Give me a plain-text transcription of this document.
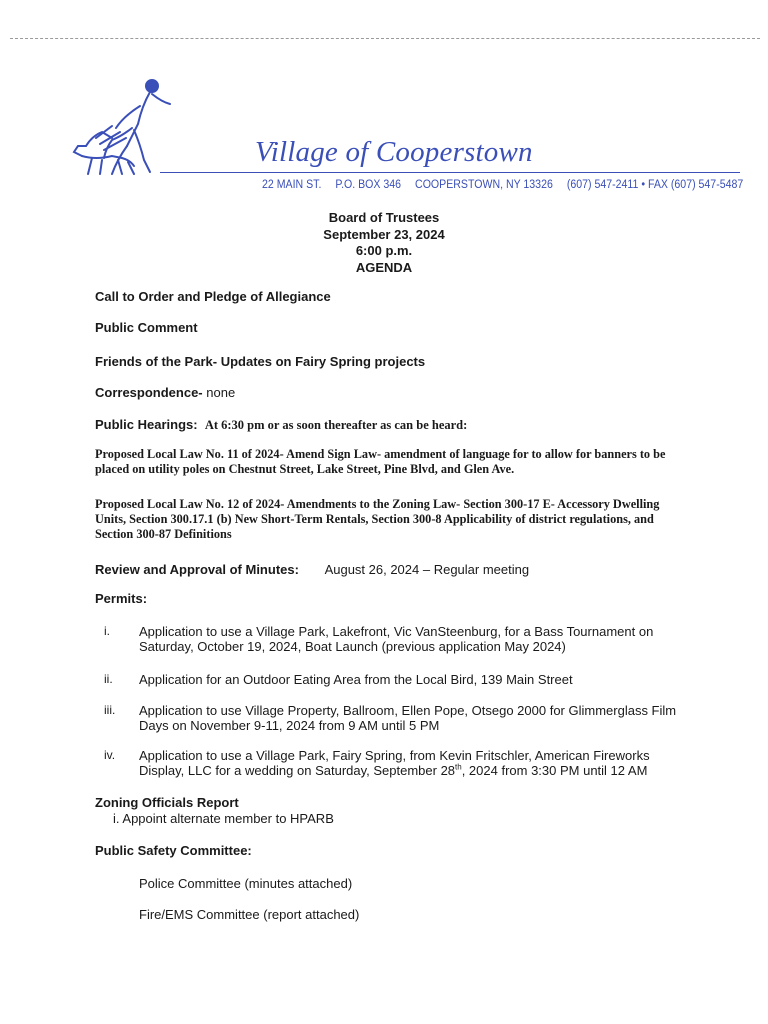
Village of Cooperstown
22 MAIN ST. P.O. BOX 346 COOPERSTOWN, NY 13326 (607) 547-2411 • FAX (607) 547-5487
Board of Trustees
September 23, 2024
6:00 p.m.
AGENDA
Call to Order and Pledge of Allegiance
Public Comment
Friends of the Park- Updates on Fairy Spring projects
Correspondence- none
Public Hearings: At 6:30 pm or as soon thereafter as can be heard:
Proposed Local Law No. 11 of 2024- Amend Sign Law- amendment of language for to allow for banners to be placed on utility poles on Chestnut Street, Lake Street, Pine Blvd, and Glen Ave.
Proposed Local Law No. 12 of 2024- Amendments to the Zoning Law- Section 300-17 E- Accessory Dwelling Units, Section 300.17.1 (b) New Short-Term Rentals, Section 300-8 Applicability of district regulations, and Section 300-87 Definitions
Review and Approval of Minutes: August 26, 2024 – Regular meeting
Permits:
i.	Application to use a Village Park, Lakefront, Vic VanSteenburg, for a Bass Tournament on Saturday, October 19, 2024, Boat Launch (previous application May 2024)
ii.	Application for an Outdoor Eating Area from the Local Bird, 139 Main Street
iii.	Application to use Village Property, Ballroom, Ellen Pope, Otsego 2000 for Glimmerglass Film Days on November 9-11, 2024 from 9 AM until 5 PM
iv.	Application to use a Village Park, Fairy Spring, from Kevin Fritschler, American Fireworks Display, LLC for a wedding on Saturday, September 28th, 2024 from 3:30 PM until 12 AM
Zoning Officials Report
i. Appoint alternate member to HPARB
Public Safety Committee:
Police Committee (minutes attached)
Fire/EMS Committee (report attached)
